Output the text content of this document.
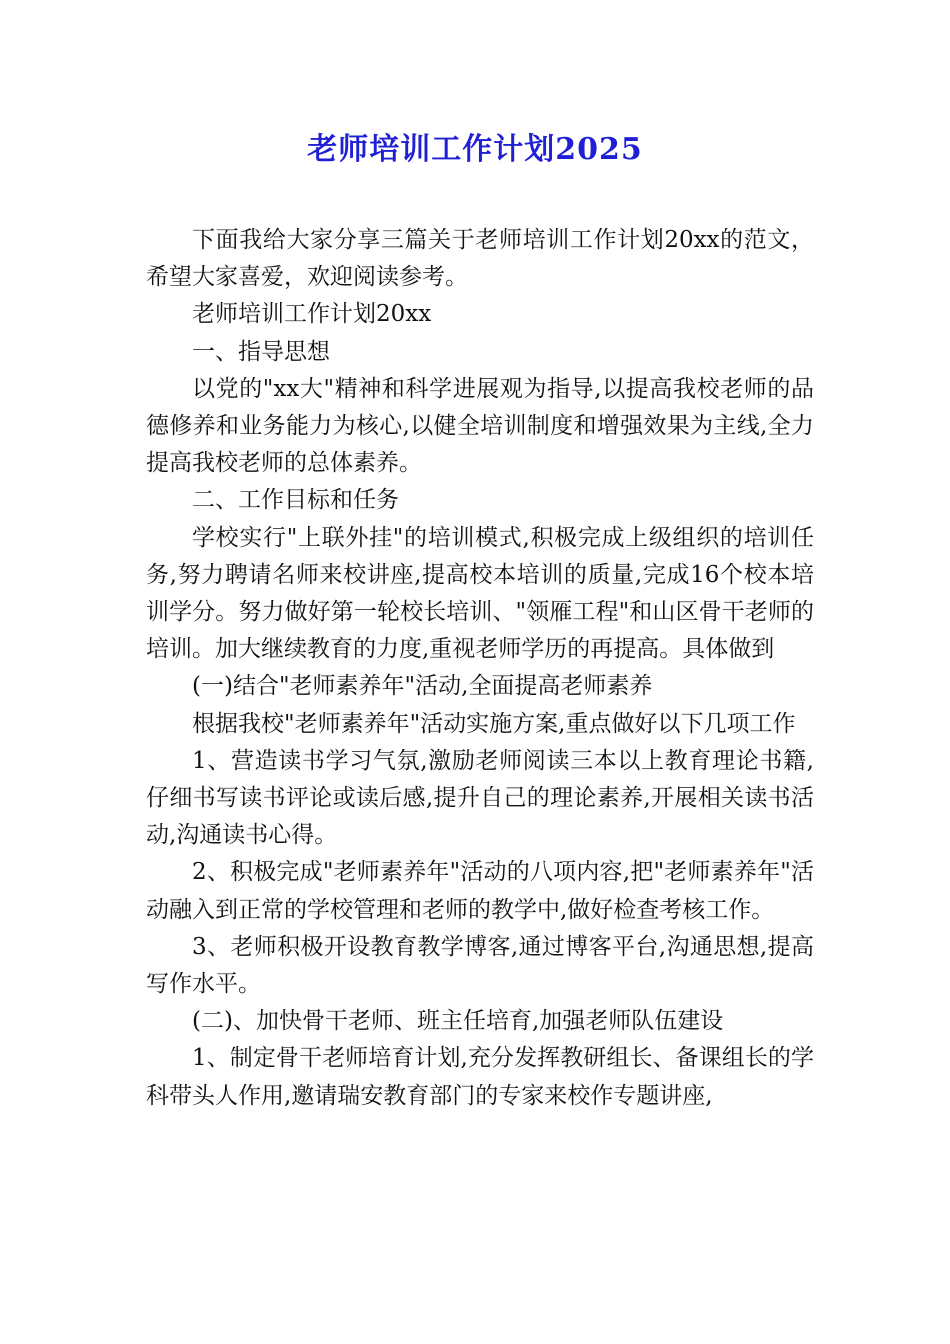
老师培训工作计划2025

下面我给大家分享三篇关于老师培训工作计划20xx的范文，希望大家喜爱，欢迎阅读参考。

老师培训工作计划20xx

一、指导思想

以党的"xx大"精神和科学进展观为指导,以提高我校老师的品德修养和业务能力为核心,以健全培训制度和增强效果为主线,全力提高我校老师的总体素养。

二、工作目标和任务

学校实行"上联外挂"的培训模式,积极完成上级组织的培训任务,努力聘请名师来校讲座,提高校本培训的质量,完成16个校本培训学分。努力做好第一轮校长培训、"领雁工程"和山区骨干老师的培训。加大继续教育的力度,重视老师学历的再提高。具体做到

(一)结合"老师素养年"活动,全面提高老师素养

根据我校"老师素养年"活动实施方案,重点做好以下几项工作

1、营造读书学习气氛,激励老师阅读三本以上教育理论书籍,仔细书写读书评论或读后感,提升自己的理论素养,开展相关读书活动,沟通读书心得。

2、积极完成"老师素养年"活动的八项内容,把"老师素养年"活动融入到正常的学校管理和老师的教学中,做好检查考核工作。

3、老师积极开设教育教学博客,通过博客平台,沟通思想,提高写作水平。

(二)、加快骨干老师、班主任培育,加强老师队伍建设

1、制定骨干老师培育计划,充分发挥教研组长、备课组长的学科带头人作用,邀请瑞安教育部门的专家来校作专题讲座,
